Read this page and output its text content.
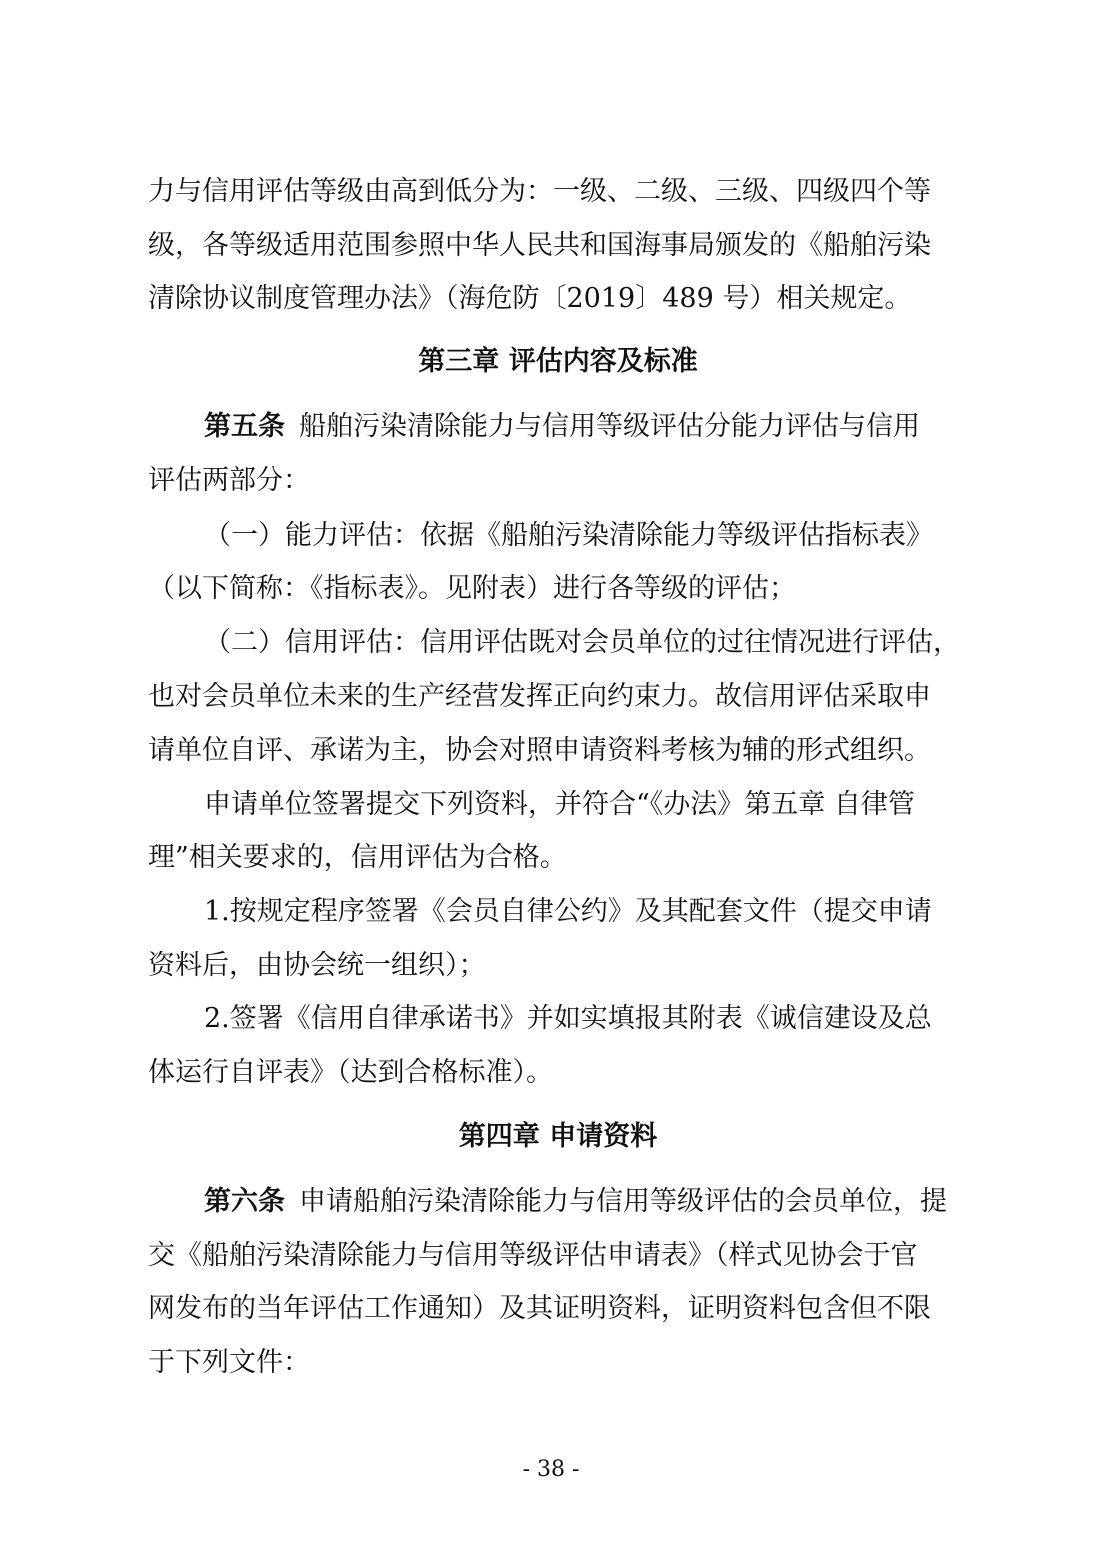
力与信用评估等级由高到低分为：一级、二级、三级、四级四个等
级，各等级适用范围参照中华人民共和国海事局颁发的《船舶污染
清除协议制度管理办法》（海危防〔2019〕489 号）相关规定。
第三章 评估内容及标准
第五条 船舶污染清除能力与信用等级评估分能力评估与信用
评估两部分：
（一）能力评估：依据《船舶污染清除能力等级评估指标表》
（以下简称：《指标表》。见附表）进行各等级的评估；
（二）信用评估：信用评估既对会员单位的过往情况进行评估，
也对会员单位未来的生产经营发挥正向约束力。故信用评估采取申
请单位自评、承诺为主，协会对照申请资料考核为辅的形式组织。
申请单位签署提交下列资料，并符合“《办法》第五章 自律管
理”相关要求的，信用评估为合格。
1.按规定程序签署《会员自律公约》及其配套文件（提交申请
资料后，由协会统一组织）；
2.签署《信用自律承诺书》并如实填报其附表《诚信建设及总
体运行自评表》（达到合格标准）。
第四章 申请资料
第六条 申请船舶污染清除能力与信用等级评估的会员单位，提
交《船舶污染清除能力与信用等级评估申请表》（样式见协会于官
网发布的当年评估工作通知）及其证明资料，证明资料包含但不限
于下列文件：
- 38 -
